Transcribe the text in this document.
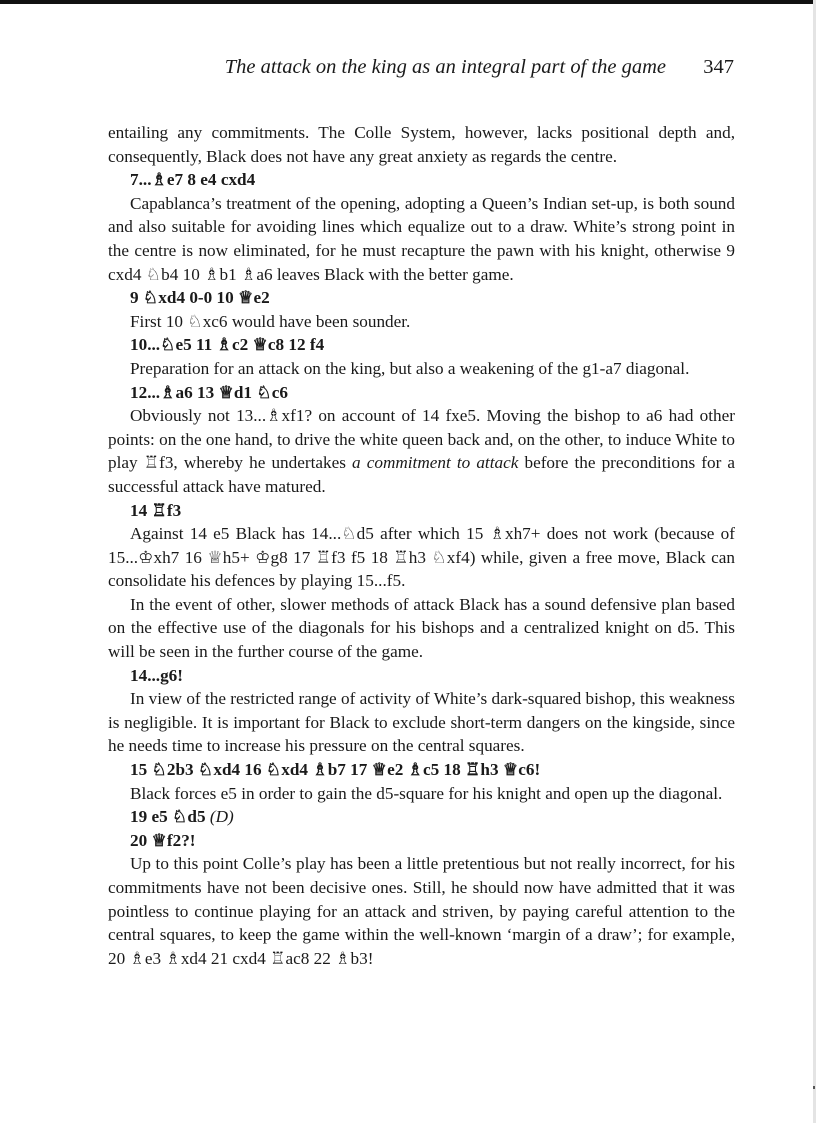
The attack on the king as an integral part of the game 347

entailing any commitments. The Colle System, however, lacks positional depth and, consequently, Black does not have any great anxiety as regards the centre.

7...♗e7 8 e4 cxd4

Capablanca’s treatment of the opening, adopting a Queen’s Indian set-up, is both sound and also suitable for avoiding lines which equalize out to a draw. White’s strong point in the centre is now eliminated, for he must recapture the pawn with his knight, otherwise 9 cxd4 ♘b4 10 ♗b1 ♗a6 leaves Black with the better game.

9 ♘xd4 0-0 10 ♕e2

First 10 ♘xc6 would have been sounder.

10...♘e5 11 ♗c2 ♕c8 12 f4

Preparation for an attack on the king, but also a weakening of the g1-a7 diagonal.

12...♗a6 13 ♕d1 ♘c6

Obviously not 13...♗xf1? on account of 14 fxe5. Moving the bishop to a6 had other points: on the one hand, to drive the white queen back and, on the other, to induce White to play ♖f3, whereby he undertakes a commitment to attack before the preconditions for a successful attack have matured.

14 ♖f3

Against 14 e5 Black has 14...♘d5 after which 15 ♗xh7+ does not work (because of 15...♔xh7 16 ♕h5+ ♔g8 17 ♖f3 f5 18 ♖h3 ♘xf4) while, given a free move, Black can consolidate his defences by playing 15...f5.

In the event of other, slower methods of attack Black has a sound defensive plan based on the effective use of the diagonals for his bishops and a centralized knight on d5. This will be seen in the further course of the game.

14...g6!

In view of the restricted range of activity of White’s dark-squared bishop, this weakness is negligible. It is important for Black to exclude short-term dangers on the kingside, since he needs time to increase his pressure on the central squares.

15 ♘2b3 ♘xd4 16 ♘xd4 ♗b7 17 ♕e2 ♗c5 18 ♖h3 ♕c6!

Black forces e5 in order to gain the d5-square for his knight and open up the diagonal.

19 e5 ♘d5 (D)

20 ♕f2?!

Up to this point Colle’s play has been a little pretentious but not really incorrect, for his commitments have not been decisive ones. Still, he should now have admitted that it was pointless to continue playing for an attack and striven, by paying careful attention to the central squares, to keep the game within the well-known ‘margin of a draw’; for example, 20 ♗e3 ♗xd4 21 cxd4 ♖ac8 22 ♗b3!
